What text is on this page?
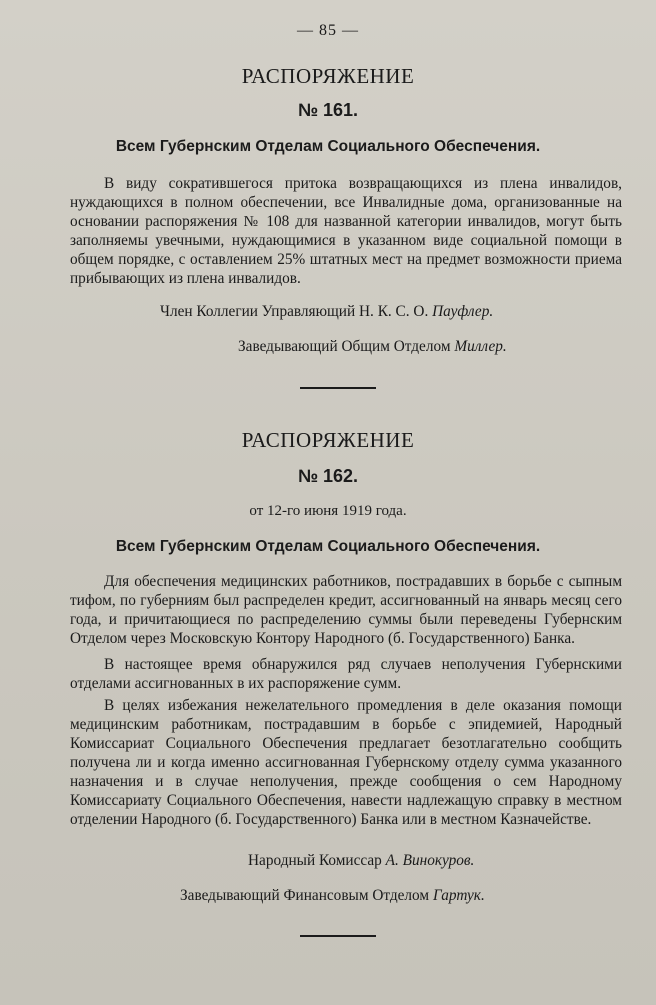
— 85 —
РАСПОРЯЖЕНИЕ
№ 161.
Всем Губернским Отделам Социального Обеспечения.

В виду сократившегося притока возвращающихся из плена инвалидов, нуждающихся в полном обеспечении, все Инвалидные дома, организованные на основании распоряжения № 108 для названной категории инвалидов, могут быть заполняемы увечными, нуждающимися в указанном виде социальной помощи в общем порядке, с оставлением 25% штатных мест на предмет возможности приема прибывающих из плена инвалидов.

Член Коллегии Управляющий Н. К. С. О. Пауфлер.
Заведывающий Общим Отделом Миллер.
РАСПОРЯЖЕНИЕ
№ 162.
от 12-го июня 1919 года.
Всем Губернским Отделам Социального Обеспечения.

Для обеспечения медицинских работников, пострадавших в борьбе с сыпным тифом, по губерниям был распределен кредит, ассигнованный на январь месяц сего года, и причитающиеся по распределению суммы были переведены Губернским Отделом через Московскую Контору Народного (б. Государственного) Банка.

В настоящее время обнаружился ряд случаев неполучения Губернскими отделами ассигнованных в их распоряжение сумм.

В целях избежания нежелательного промедления в деле оказания помощи медицинским работникам, пострадавшим в борьбе с эпидемией, Народный Комиссариат Социального Обеспечения предлагает безотлагательно сообщить получена ли и когда именно ассигнованная Губернскому отделу сумма указанного назначения и в случае неполучения, прежде сообщения о сем Народному Комиссариату Социального Обеспечения, навести надлежащую справку в местном отделении Народного (б. Государственного) Банка или в местном Казначействе.

Народный Комиссар А. Винокуров.
Заведывающий Финансовым Отделом Гартук.
